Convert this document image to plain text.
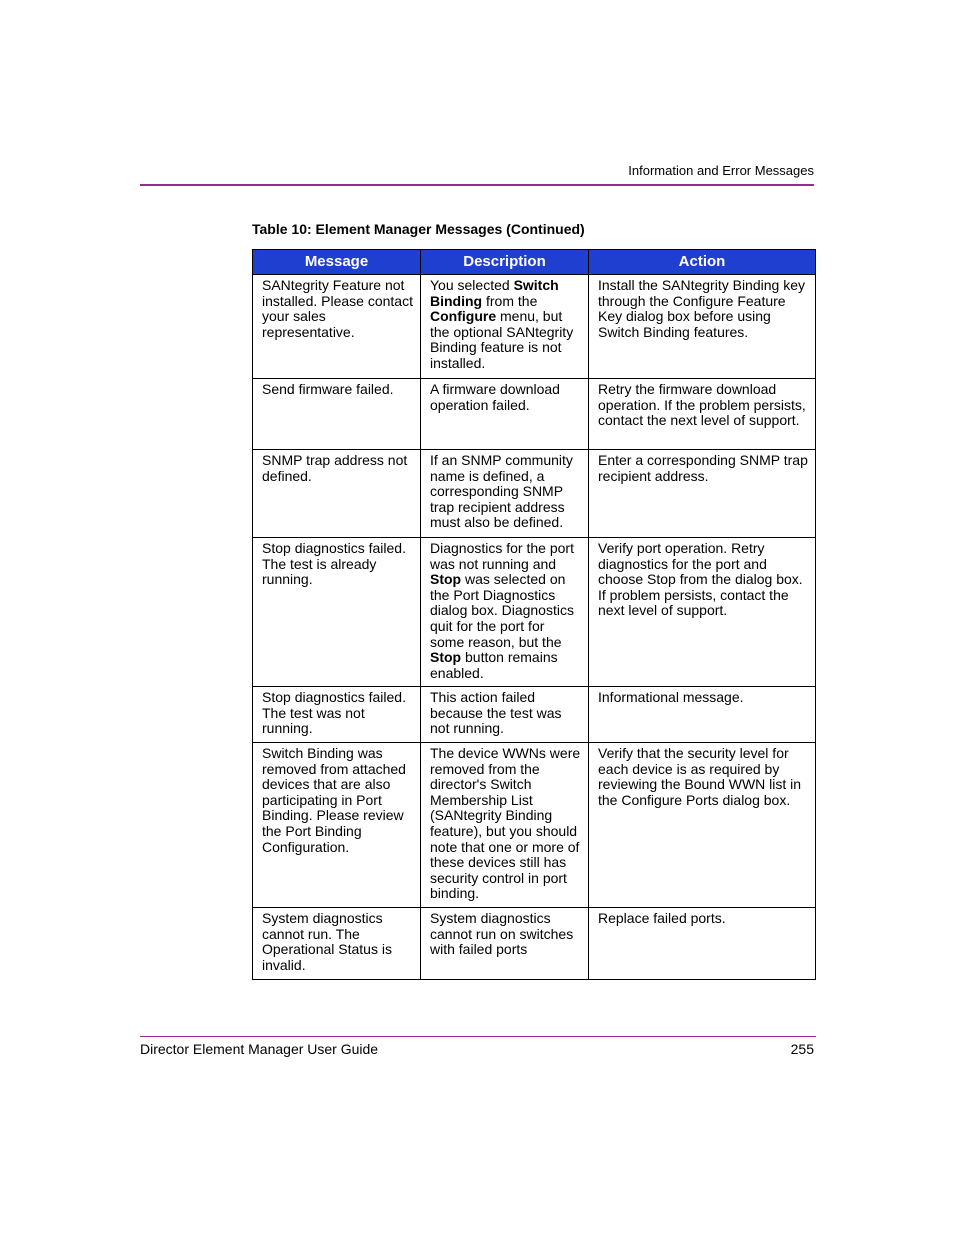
Information and Error Messages
Table 10: Element Manager Messages (Continued)
Message	Description	Action
SANtegrity Feature not installed. Please contact your sales representative.	You selected Switch Binding from the Configure menu, but the optional SANtegrity Binding feature is not installed.	Install the SANtegrity Binding key through the Configure Feature Key dialog box before using Switch Binding features.
Send firmware failed.	A firmware download operation failed.	Retry the firmware download operation. If the problem persists, contact the next level of support.
SNMP trap address not defined.	If an SNMP community name is defined, a corresponding SNMP trap recipient address must also be defined.	Enter a corresponding SNMP trap recipient address.
Stop diagnostics failed. The test is already running.	Diagnostics for the port was not running and Stop was selected on the Port Diagnostics dialog box. Diagnostics quit for the port for some reason, but the Stop button remains enabled.	Verify port operation. Retry diagnostics for the port and choose Stop from the dialog box. If problem persists, contact the next level of support.
Stop diagnostics failed. The test was not running.	This action failed because the test was not running.	Informational message.
Switch Binding was removed from attached devices that are also participating in Port Binding. Please review the Port Binding Configuration.	The device WWNs were removed from the director's Switch Membership List (SANtegrity Binding feature), but you should note that one or more of these devices still has security control in port binding.	Verify that the security level for each device is as required by reviewing the Bound WWN list in the Configure Ports dialog box.
System diagnostics cannot run. The Operational Status is invalid.	System diagnostics cannot run on switches with failed ports	Replace failed ports.
Director Element Manager User Guide	255
